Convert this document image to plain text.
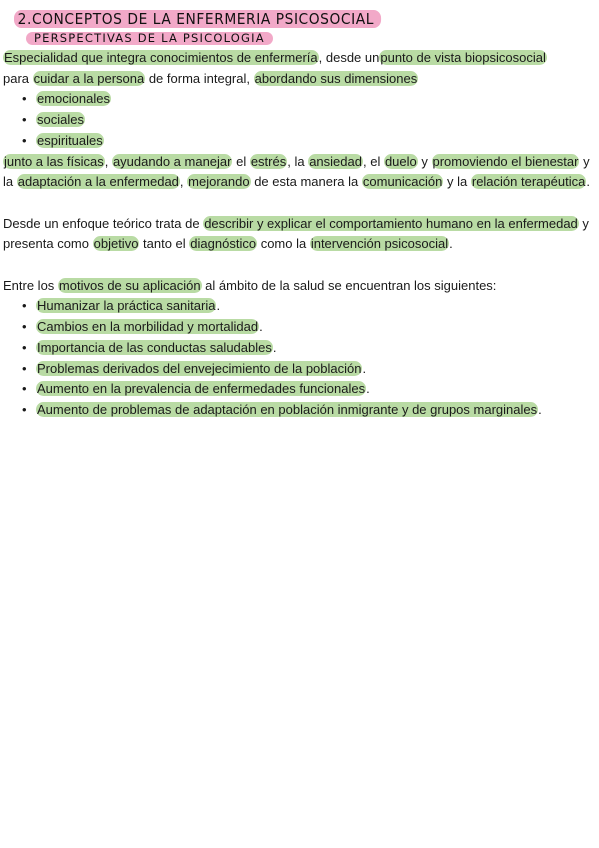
2.CONCEPTOS DE LA ENFERMERIA PSICOSOCIAL
PERSPECTIVAS DE LA PSICOLOGIA

Especialidad que integra conocimientos de enfermería, desde unpunto de vista biopsicosocial
para cuidar a la persona de forma integral, abordando sus dimensiones

• emocionales
• sociales
• espirituales

junto a las físicas, ayudando a manejar el estrés, la ansiedad, el duelo y promoviendo el bienestar y la adaptación a la enfermedad, mejorando de esta manera la comunicación y la relación terapéutica.

Desde un enfoque teórico trata de describir y explicar el comportamiento humano en la enfermedad y presenta como objetivo tanto el diagnóstico como la intervención psicosocial.

Entre los motivos de su aplicación al ámbito de la salud se encuentran los siguientes:

• Humanizar la práctica sanitaria.
• Cambios en la morbilidad y mortalidad.
• Importancia de las conductas saludables.
• Problemas derivados del envejecimiento de la población.
• Aumento en la prevalencia de enfermedades funcionales.
• Aumento de problemas de adaptación en población inmigrante y de grupos marginales.
